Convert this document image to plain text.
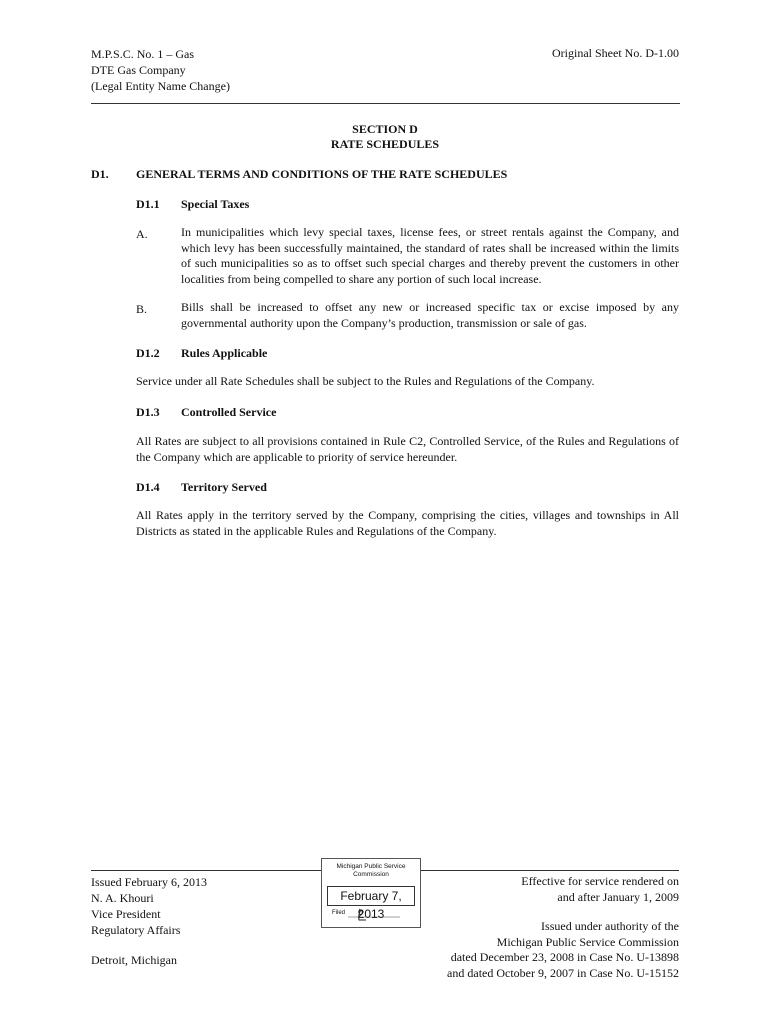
M.P.S.C. No. 1 – Gas
DTE Gas Company
(Legal Entity Name Change)
Original Sheet No. D-1.00
SECTION D
RATE SCHEDULES
D1. GENERAL TERMS AND CONDITIONS OF THE RATE SCHEDULES
D1.1 Special Taxes
A.	In municipalities which levy special taxes, license fees, or street rentals against the Company, and which levy has been successfully maintained, the standard of rates shall be increased within the limits of such municipalities so as to offset such special charges and thereby prevent the customers in other localities from being compelled to share any portion of such local increase.
B.	Bills shall be increased to offset any new or increased specific tax or excise imposed by any governmental authority upon the Company’s production, transmission or sale of gas.
D1.2 Rules Applicable
Service under all Rate Schedules shall be subject to the Rules and Regulations of the Company.
D1.3 Controlled Service
All Rates are subject to all provisions contained in Rule C2, Controlled Service, of the Rules and Regulations of the Company which are applicable to priority of service hereunder.
D1.4 Territory Served
All Rates apply in the territory served by the Company, comprising the cities, villages and townships in All Districts as stated in the applicable Rules and Regulations of the Company.
Issued February 6, 2013
N. A. Khouri
Vice President
Regulatory Affairs
Detroit, Michigan
Effective for service rendered on
and after January 1, 2009
Issued under authority of the
Michigan Public Service Commission
dated December 23, 2008 in Case No. U-13898
and dated October 9, 2007 in Case No. U-15152
Michigan Public Service
Commission
February 7, 2013
Filed
